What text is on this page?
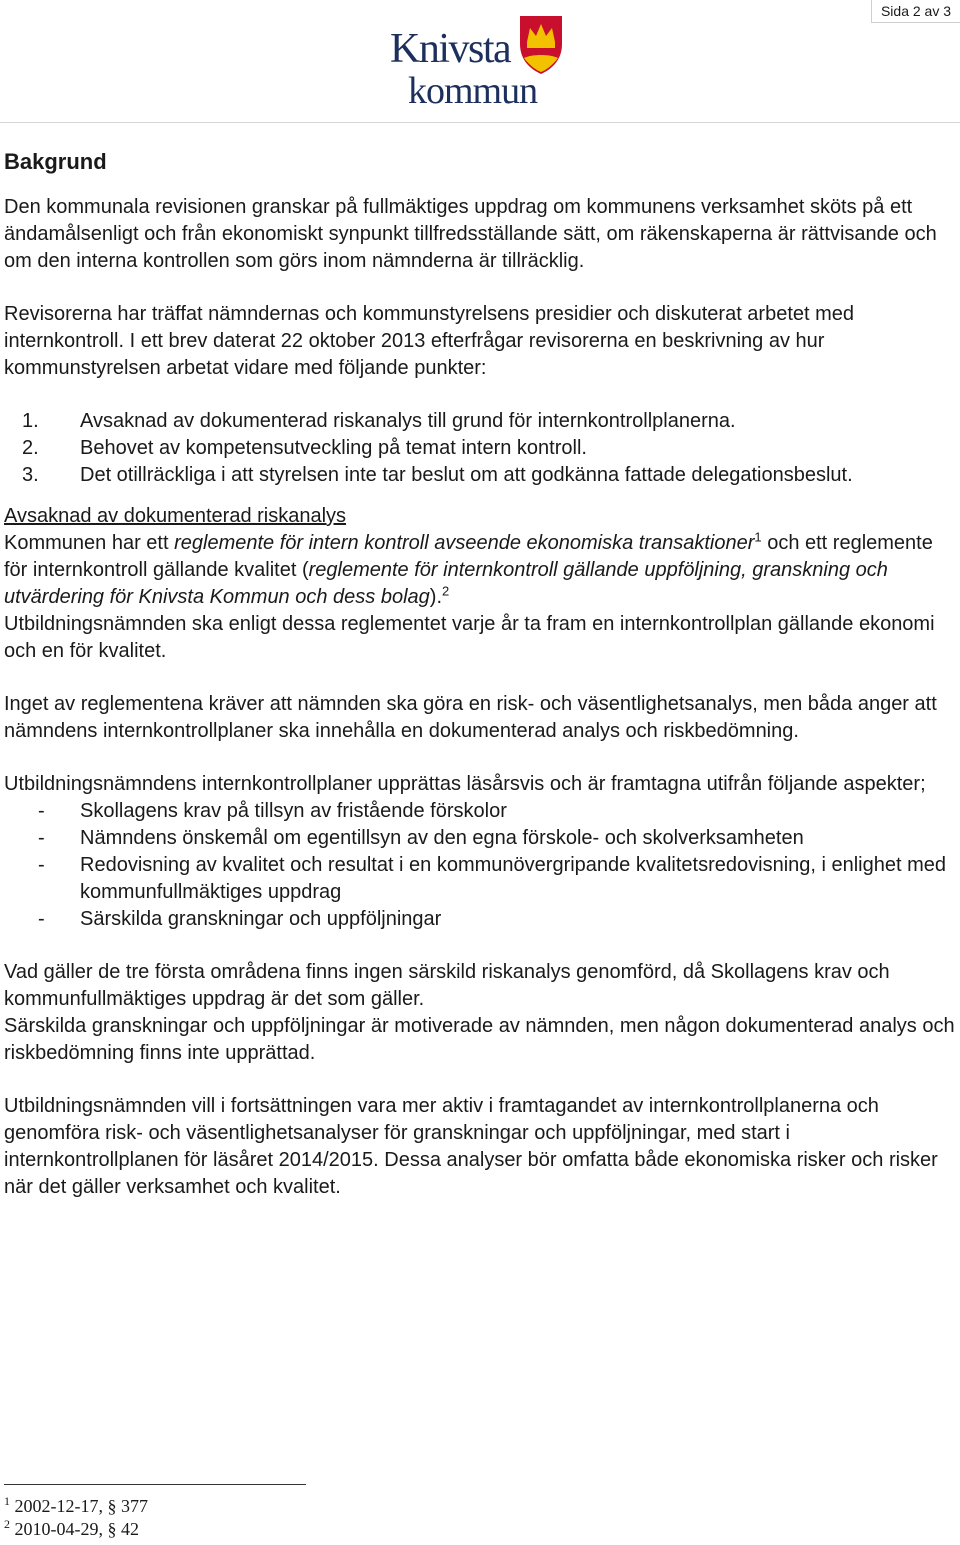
Sida 2 av 3
Knivsta
kommun
Bakgrund

Den kommunala revisionen granskar på fullmäktiges uppdrag om kommunens verksamhet sköts på ett ändamålsenligt och från ekonomiskt synpunkt tillfredsställande sätt, om räkenskaperna är rättvisande och om den interna kontrollen som görs inom nämnderna är tillräcklig.

Revisorerna har träffat nämndernas och kommunstyrelsens presidier och diskuterat arbetet med internkontroll. I ett brev daterat 22 oktober 2013 efterfrågar revisorerna en beskrivning av hur kommunstyrelsen arbetat vidare med följande punkter:

1. Avsaknad av dokumenterad riskanalys till grund för internkontrollplanerna.
2. Behovet av kompetensutveckling på temat intern kontroll.
3. Det otillräckliga i att styrelsen inte tar beslut om att godkänna fattade delegationsbeslut.

Avsaknad av dokumenterad riskanalys

Kommunen har ett reglemente för intern kontroll avseende ekonomiska transaktioner$^1$ och ett reglemente för internkontroll gällande kvalitet (reglemente för internkontroll gällande uppföljning, granskning och utvärdering för Knivsta Kommun och dess bolag).$^2$
Utbildningsnämnden ska enligt dessa reglementet varje år ta fram en internkontrollplan gällande ekonomi och en för kvalitet.

Inget av reglementena kräver att nämnden ska göra en risk- och väsentlighetsanalys, men båda anger att nämndens internkontrollplaner ska innehålla en dokumenterad analys och riskbedömning.

Utbildningsnämndens internkontrollplaner upprättas läsårsvis och är framtagna utifrån följande aspekter;

- Skollagens krav på tillsyn av fristående förskolor
- Nämndens önskemål om egentillsyn av den egna förskole- och skolverksamheten
- Redovisning av kvalitet och resultat i en kommunövergripande kvalitetsredovisning, i enlighet med kommunfullmäktiges uppdrag
- Särskilda granskningar och uppföljningar

Vad gäller de tre första områdena finns ingen särskild riskanalys genomförd, då Skollagens krav och kommunfullmäktiges uppdrag är det som gäller.

Särskilda granskningar och uppföljningar är motiverade av nämnden, men någon dokumenterad analys och riskbedömning finns inte upprättad.

Utbildningsnämnden vill i fortsättningen vara mer aktiv i framtagandet av internkontrollplanerna och genomföra risk- och väsentlighetsanalyser för granskningar och uppföljningar, med start i internkontrollplanen för läsåret 2014/2015. Dessa analyser bör omfatta både ekonomiska risker och risker när det gäller verksamhet och kvalitet.

$^1$ 2002-12-17, § 377
$^2$ 2010-04-29, § 42
